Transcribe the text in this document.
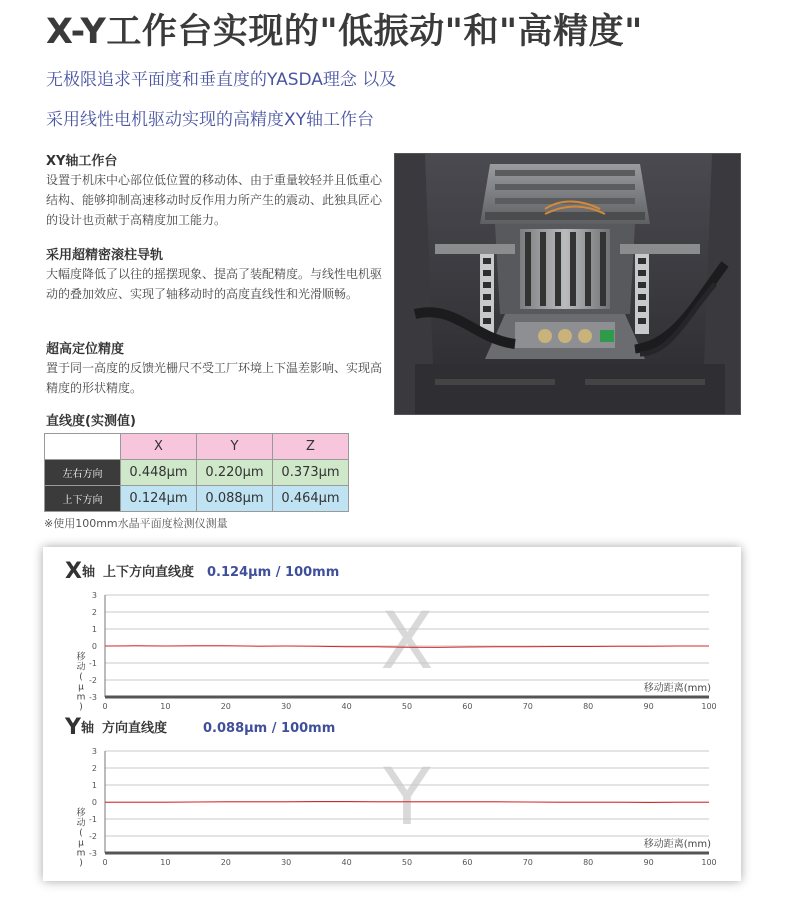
X-Y工作台实现的"低振动"和"高精度"
无极限追求平面度和垂直度的YASDA理念 以及
采用线性电机驱动实现的高精度XY轴工作台
XY轴工作台
设置于机床中心部位低位置的移动体、由于重量较轻并且低重心结构、能够抑制高速移动时反作用力所产生的震动、此独具匠心的设计也贡献于高精度加工能力。
采用超精密滚柱导轨
大幅度降低了以往的摇摆现象、提高了装配精度。与线性电机驱动的叠加效应、实现了轴移动时的高度直线性和光滑顺畅。
超高定位精度
置于同一高度的反馈光栅尺不受工厂环境上下温差影响、实现高精度的形状精度。
直线度(实测值)
	X	Y	Z
左右方向	0.448μm	0.220μm	0.373μm
上下方向	0.124μm	0.088μm	0.464μm
※使用100mm水晶平面度检测仪测量
X
3
2
1
0
-1
-2
-3
0	10	20	30	40	50	60	70	80	90	100
移动距离(mm)
移动( μ m )
X轴 上下方向直线度 0.124μm / 100mm
Y
3
2
1
0
-1
-2
-3
0	10	20	30	40	50	60	70	80	90	100
移动距离(mm)
移动( μ m )
Y轴 方向直线度	0.088μm / 100mm
